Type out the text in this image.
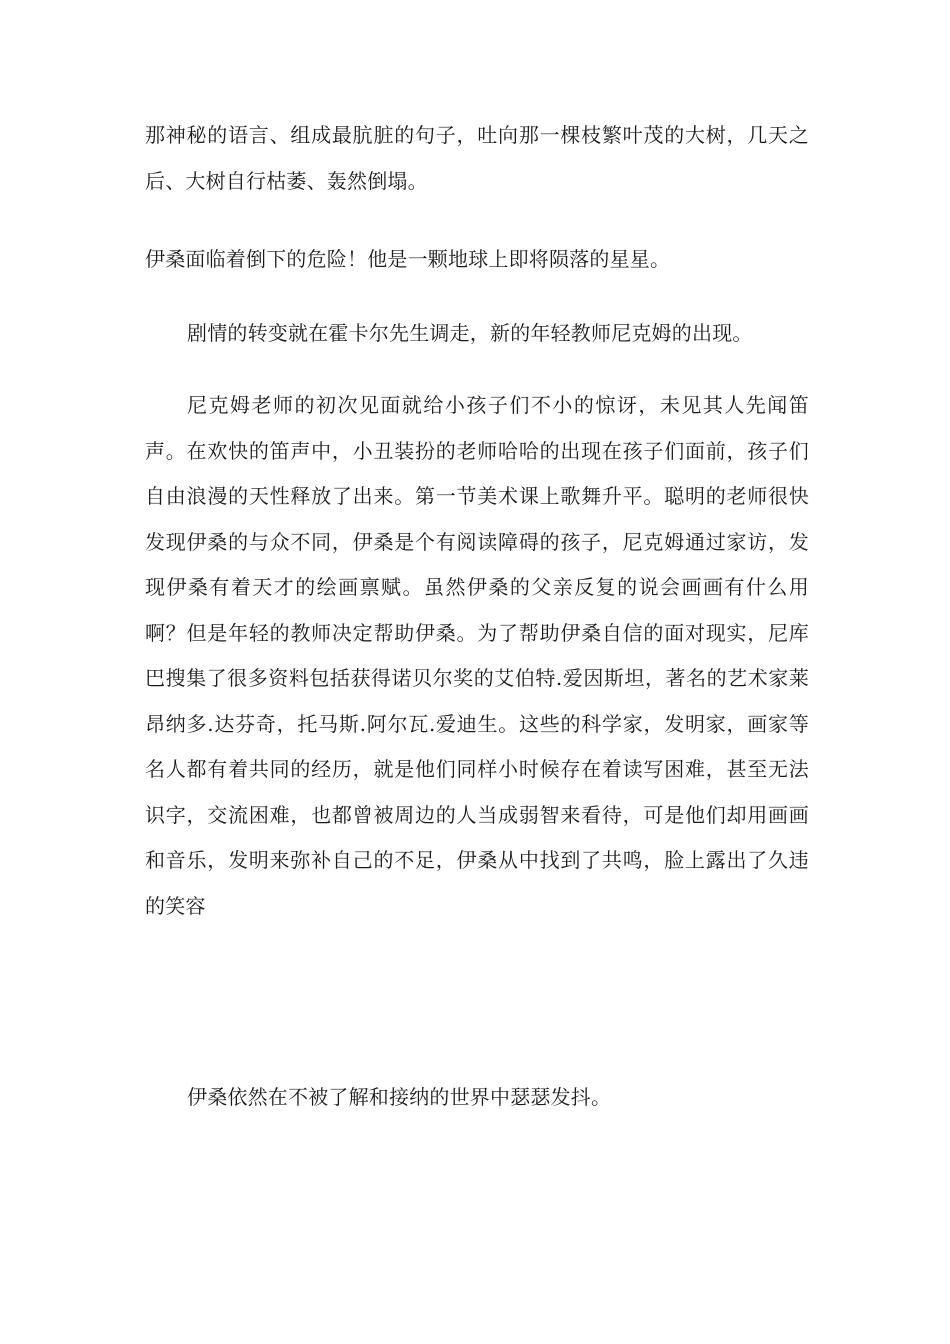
那神秘的语言、组成最肮脏的句子，吐向那一棵枝繁叶茂的大树，几天之后、大树自行枯萎、轰然倒塌。

伊桑面临着倒下的危险！他是一颗地球上即将陨落的星星。

剧情的转变就在霍卡尔先生调走，新的年轻教师尼克姆的出现。

尼克姆老师的初次见面就给小孩子们不小的惊讶，未见其人先闻笛声。在欢快的笛声中，小丑装扮的老师哈哈的出现在孩子们面前，孩子们自由浪漫的天性释放了出来。第一节美术课上歌舞升平。聪明的老师很快发现伊桑的与众不同，伊桑是个有阅读障碍的孩子，尼克姆通过家访，发现伊桑有着天才的绘画禀赋。虽然伊桑的父亲反复的说会画画有什么用啊？但是年轻的教师决定帮助伊桑。为了帮助伊桑自信的面对现实，尼库巴搜集了很多资料包括获得诺贝尔奖的艾伯特.爱因斯坦，著名的艺术家莱昂纳多.达芬奇，托马斯.阿尔瓦.爱迪生。这些的科学家，发明家，画家等名人都有着共同的经历，就是他们同样小时候存在着读写困难，甚至无法识字，交流困难，也都曾被周边的人当成弱智来看待，可是他们却用画画和音乐，发明来弥补自己的不足，伊桑从中找到了共鸣，脸上露出了久违的笑容

伊桑依然在不被了解和接纳的世界中瑟瑟发抖。
